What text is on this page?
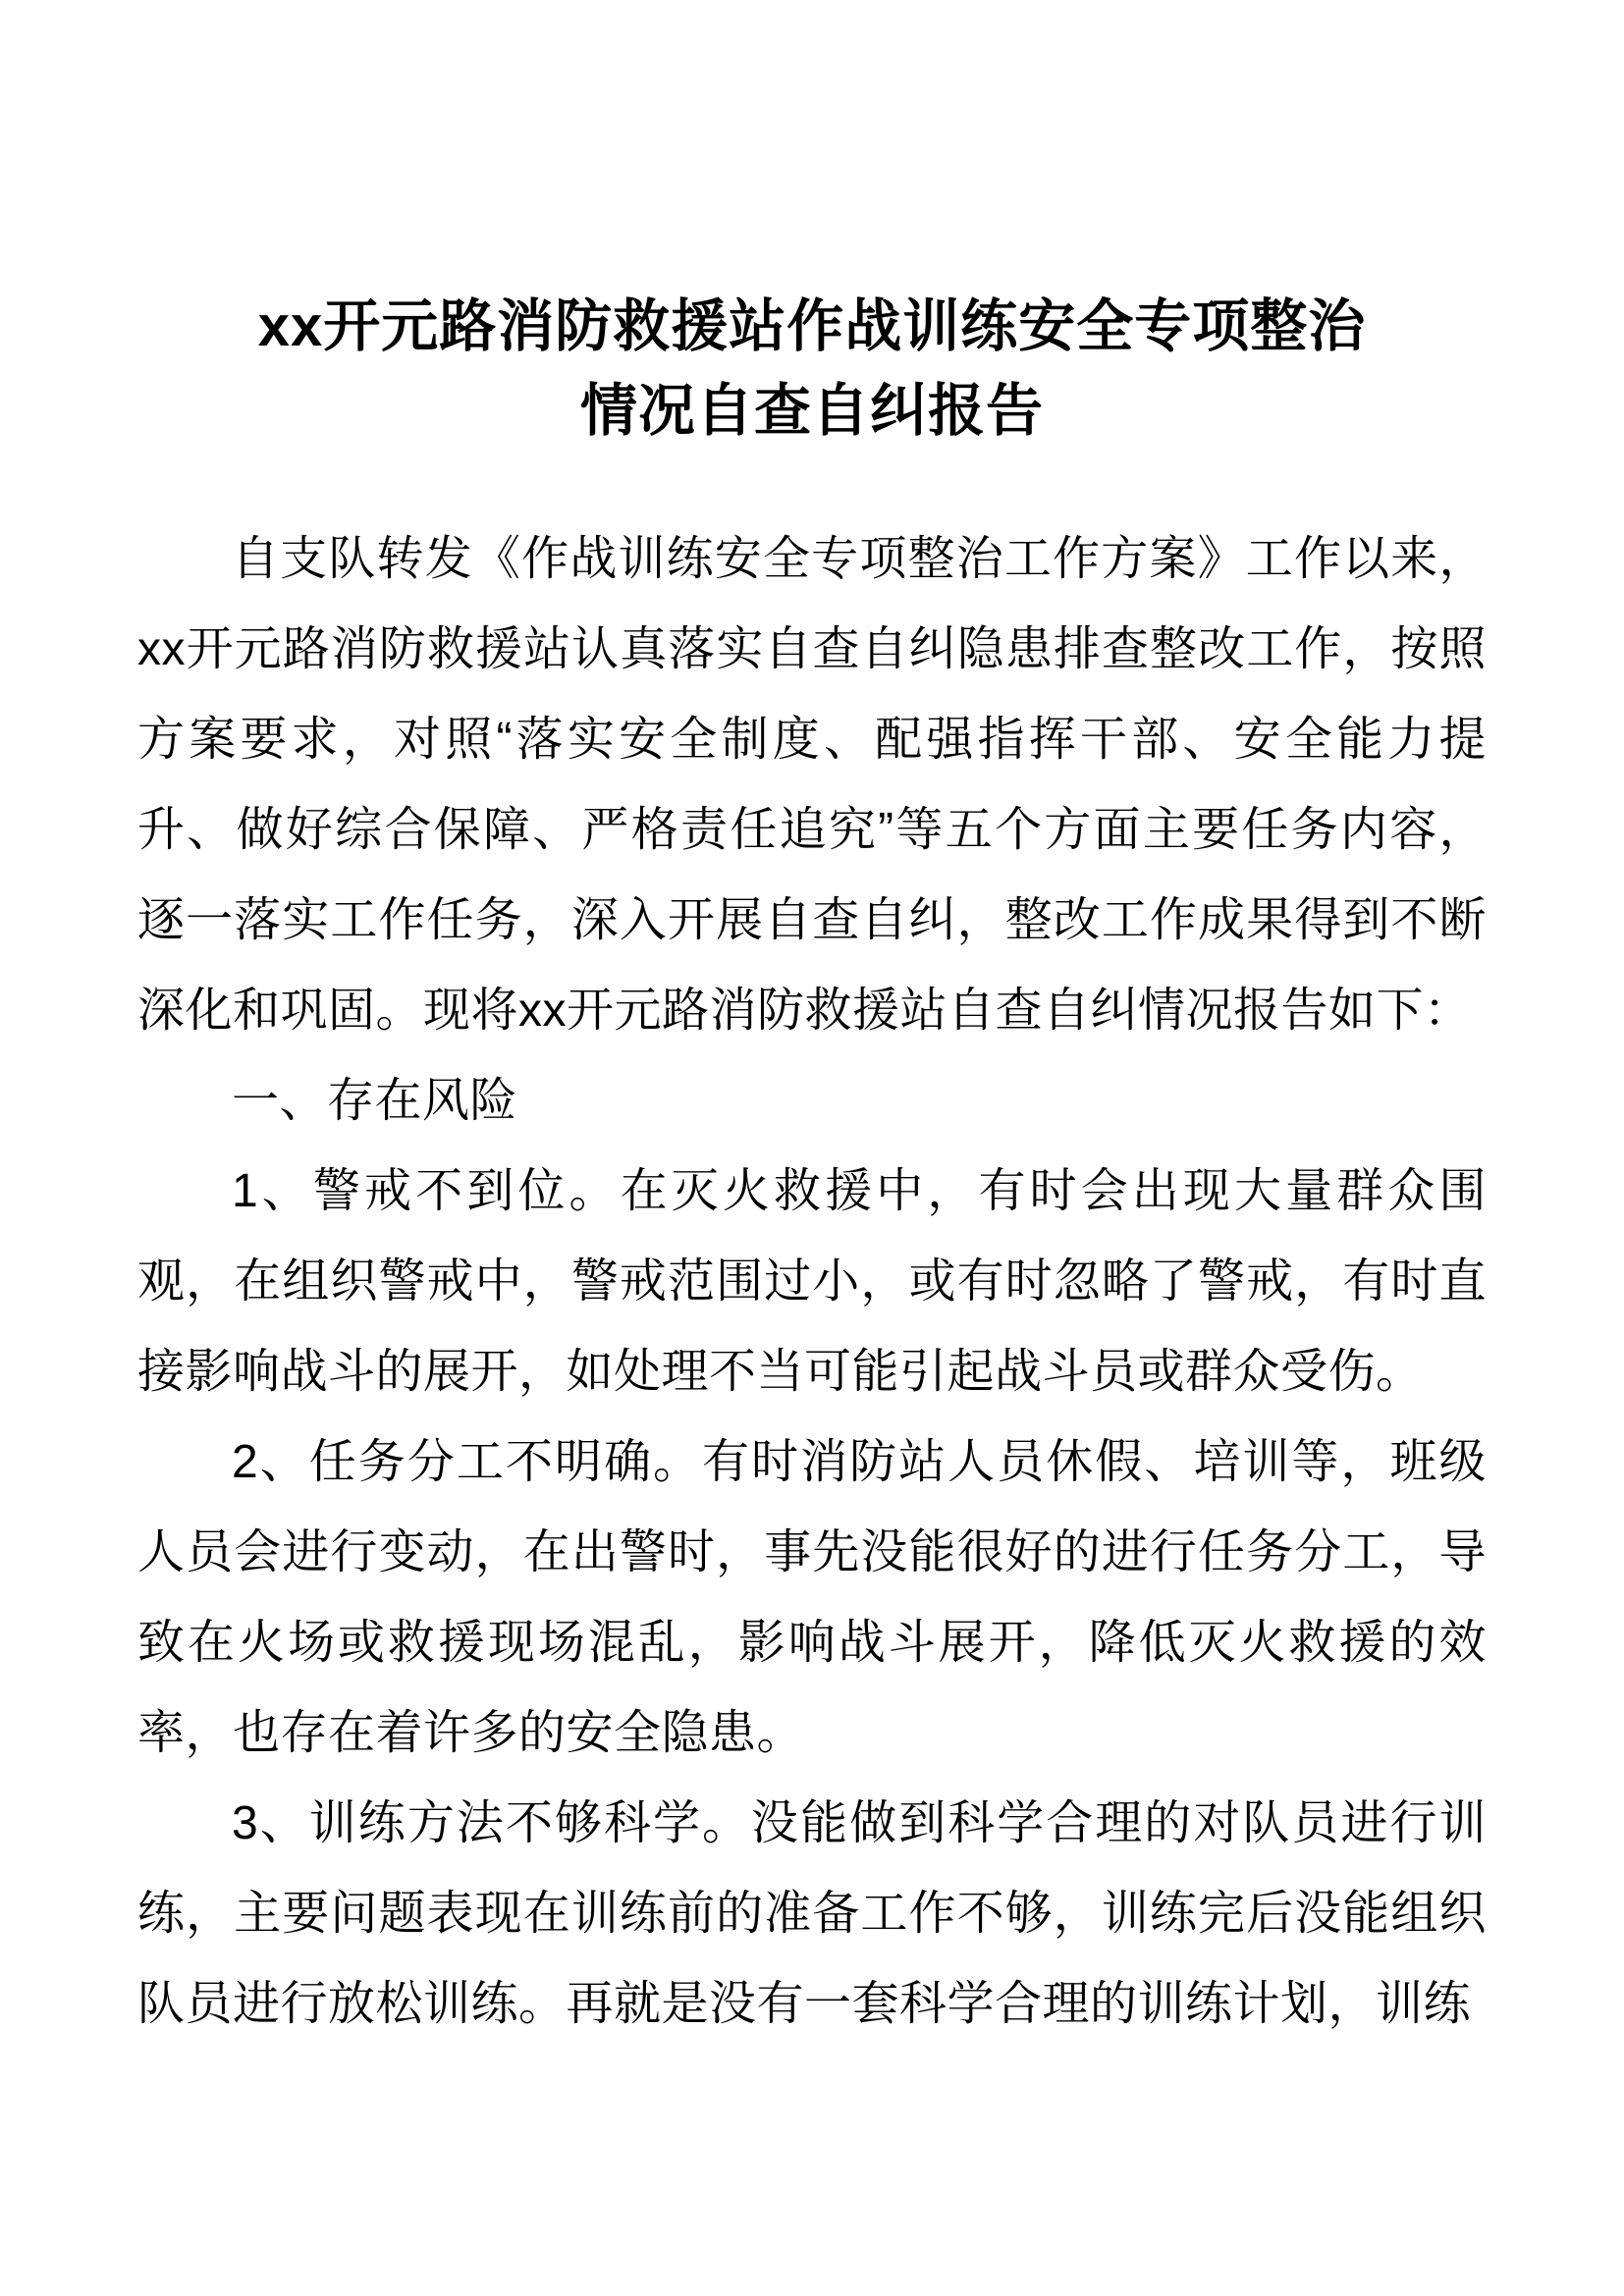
xx开元路消防救援站作战训练安全专项整治
情况自查自纠报告

自支队转发《作战训练安全专项整治工作方案》工作以来，xx开元路消防救援站认真落实自查自纠隐患排查整改工作，按照方案要求，对照“落实安全制度、配强指挥干部、安全能力提升、做好综合保障、严格责任追究”等五个方面主要任务内容，逐一落实工作任务，深入开展自查自纠，整改工作成果得到不断深化和巩固。现将xx开元路消防救援站自查自纠情况报告如下：

一、存在风险

1、警戒不到位。在灭火救援中，有时会出现大量群众围观，在组织警戒中，警戒范围过小，或有时忽略了警戒，有时直接影响战斗的展开，如处理不当可能引起战斗员或群众受伤。

2、任务分工不明确。有时消防站人员休假、培训等，班级人员会进行变动，在出警时，事先没能很好的进行任务分工，导致在火场或救援现场混乱，影响战斗展开，降低灭火救援的效率，也存在着许多的安全隐患。

3、训练方法不够科学。没能做到科学合理的对队员进行训练，主要问题表现在训练前的准备工作不够，训练完后没能组织队员进行放松训练。再就是没有一套科学合理的训练计划，训练
